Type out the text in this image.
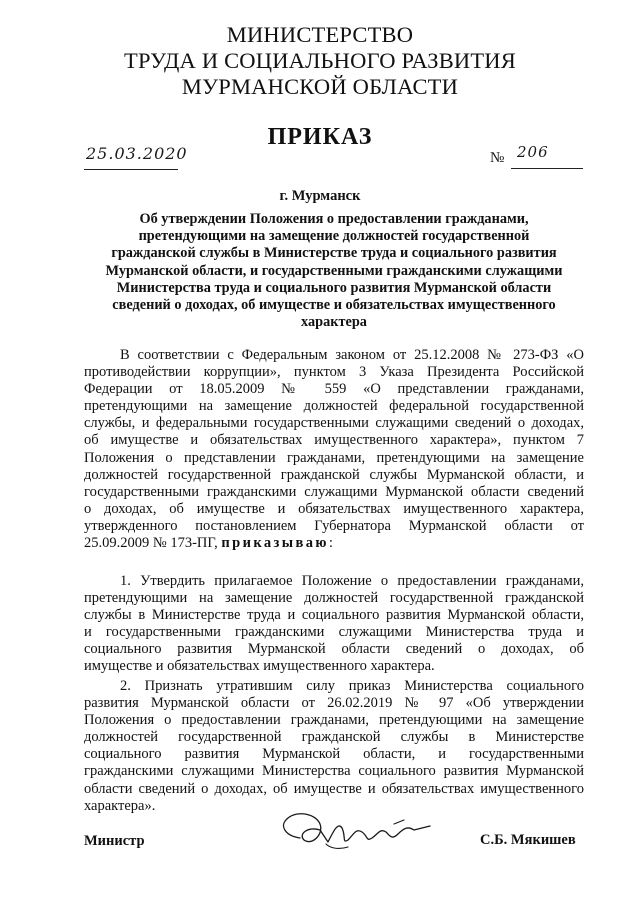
МИНИСТЕРСТВО
ТРУДА И СОЦИАЛЬНОГО РАЗВИТИЯ
МУРМАНСКОЙ ОБЛАСТИ
ПРИКАЗ
25.03.2020	№ 206
г. Мурманск
Об утверждении Положения о предоставлении гражданами,
претендующими на замещение должностей государственной
гражданской службы в Министерстве труда и социального развития
Мурманской области, и государственными гражданскими служащими
Министерства труда и социального развития Мурманской области
сведений о доходах, об имуществе и обязательствах имущественного
характера
В соответствии с Федеральным законом от 25.12.2008 № 273-ФЗ «О
противодействии коррупции», пунктом 3 Указа Президента Российской
Федерации от 18.05.2009 № 559 «О представлении гражданами,
претендующими на замещение должностей федеральной государственной
службы, и федеральными государственными служащими сведений о доходах,
об имуществе и обязательствах имущественного характера», пунктом 7
Положения о представлении гражданами, претендующими на замещение
должностей государственной гражданской службы Мурманской области, и
государственными гражданскими служащими Мурманской области сведений
о доходах, об имуществе и обязательствах имущественного характера,
утвержденного постановлением Губернатора Мурманской области от
25.09.2009 № 173-ПГ, приказываю:
1. Утвердить прилагаемое Положение о предоставлении гражданами,
претендующими на замещение должностей государственной гражданской
службы в Министерстве труда и социального развития Мурманской области,
и государственными гражданскими служащими Министерства труда и
социального развития Мурманской области сведений о доходах, об
имуществе и обязательствах имущественного характера.
2. Признать утратившим силу приказ Министерства социального
развития Мурманской области от 26.02.2019 № 97 «Об утверждении
Положения о предоставлении гражданами, претендующими на замещение
должностей государственной гражданской службы в Министерстве
социального развития Мурманской области, и государственными
гражданскими служащими Министерства социального развития Мурманской
области сведений о доходах, об имуществе и обязательствах имущественного
характера».
Министр	С.Б. Мякишев
